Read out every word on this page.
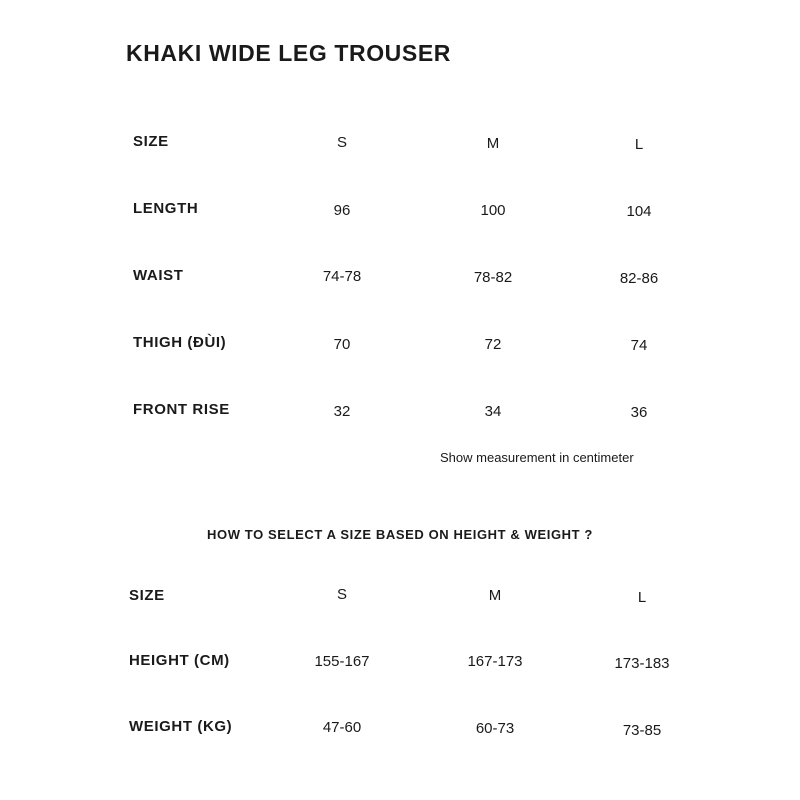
KHAKI WIDE LEG TROUSER
SIZE	S	M	L
LENGTH	96	100	104
WAIST	74-78	78-82	82-86
THIGH (ĐÙI)	70	72	74
FRONT RISE	32	34	36
Show measurement in centimeter
HOW TO SELECT A SIZE BASED ON HEIGHT & WEIGHT ?
SIZE	S	M	L
HEIGHT (CM)	155-167	167-173	173-183
WEIGHT (KG)	47-60	60-73	73-85
